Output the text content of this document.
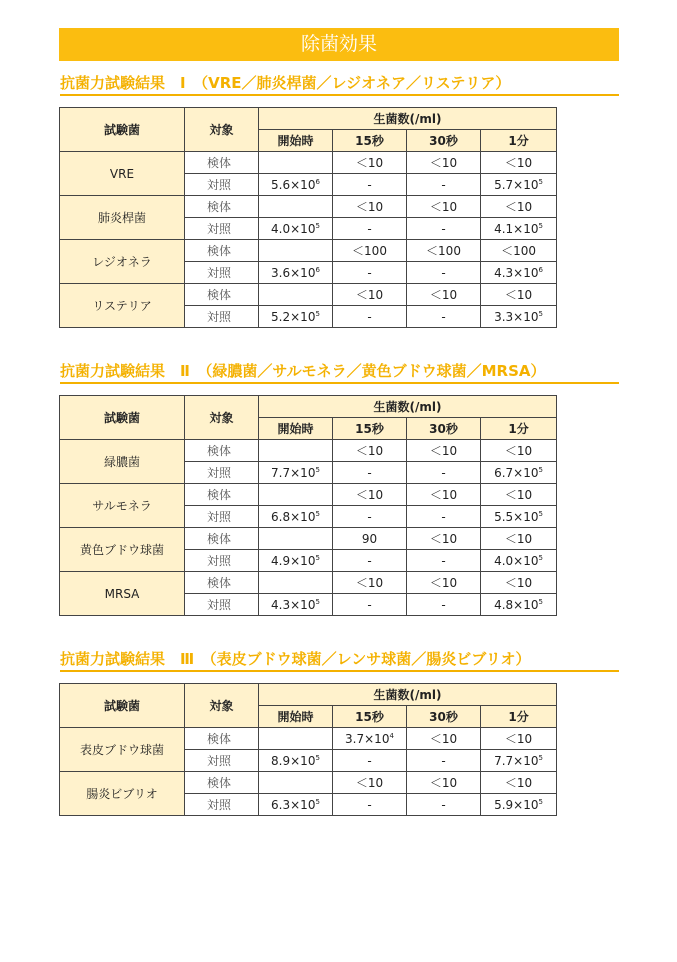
除菌効果
抗菌力試験結果　Ⅰ　（VRE／肺炎桿菌／レジオネア／リステリア）
試験菌	対象	生菌数(/ml)			
		開始時	15秒	30秒	1分
VRE	検体		＜10	＜10	＜10
	対照	$5.6\times 10^6$	-	-	$5.7\times 10^5$
肺炎桿菌	検体		＜10	＜10	＜10
	対照	$4.0\times 10^5$	-	-	$4.1\times 10^5$
レジオネラ	検体		＜100	＜100	＜100
	対照	$3.6\times 10^6$	-	-	$4.3\times 10^6$
リステリア	検体		＜10	＜10	＜10
	対照	$5.2\times 10^5$	-	-	$3.3\times 10^5$
抗菌力試験結果　Ⅱ　（緑膿菌／サルモネラ／黄色ブドウ球菌／MRSA）
試験菌	対象	生菌数(/ml)			
		開始時	15秒	30秒	1分
緑膿菌	検体		＜10	＜10	＜10
	対照	$7.7\times 10^5$	-	-	$6.7\times 10^5$
サルモネラ	検体		＜10	＜10	＜10
	対照	$6.8\times 10^5$	-	-	$5.5\times 10^5$
黄色ブドウ球菌	検体		90	＜10	＜10
	対照	$4.9\times 10^5$	-	-	$4.0\times 10^5$
MRSA	検体		＜10	＜10	＜10
	対照	$4.3\times 10^5$	-	-	$4.8\times 10^5$
抗菌力試験結果　Ⅲ　（表皮ブドウ球菌／レンサ球菌／腸炎ビブリオ）
試験菌	対象	生菌数(/ml)			
		開始時	15秒	30秒	1分
表皮ブドウ球菌	検体		$3.7\times 10^4$	＜10	＜10
	対照	$8.9\times 10^5$	-	-	$7.7\times 10^5$
腸炎ビブリオ	検体		＜10	＜10	＜10
	対照	$6.3\times 10^5$	-	-	$5.9\times 10^5$
